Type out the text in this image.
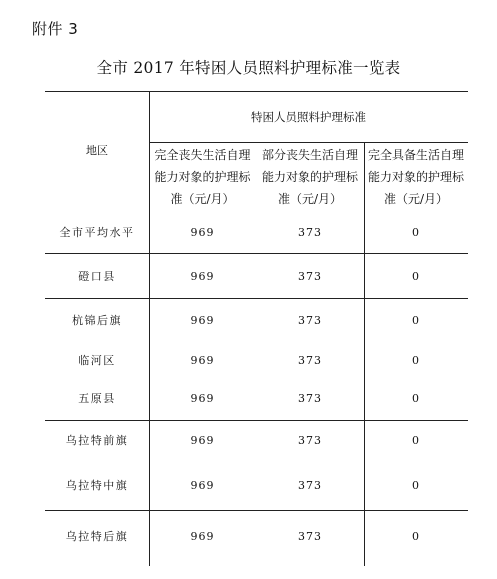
附件 3
全市 2017 年特困人员照料护理标准一览表
地区
特困人员照料护理标准
完全丧失生活自理
能力对象的护理标
准（元/月）
部分丧失生活自理
能力对象的护理标
准（元/月）
完全具备生活自理
能力对象的护理标
准（元/月）
全市平均水平	969	373	0
磴口县	969	373	0
杭锦后旗	969	373	0
临河区	969	373	0
五原县	969	373	0
乌拉特前旗	969	373	0
乌拉特中旗	969	373	0
乌拉特后旗	969	373	0
